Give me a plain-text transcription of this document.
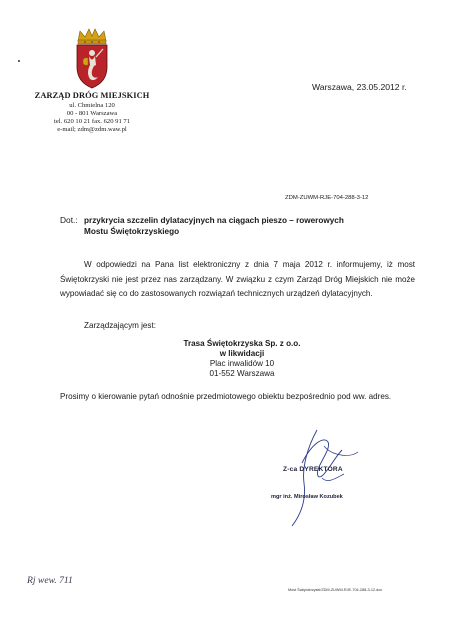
ZARZĄD DRÓG MIEJSKICH
ul. Chmielna 120
00 - 801 Warszawa
tel. 620 10 21 fax. 620 91 71
e-mail; zdm@zdm.waw.pl
Warszawa, 23.05.2012 r.
ZDM-ZUWM-RJE-704-288-3-12
Dot.: przykrycia szczelin dylatacyjnych na ciągach pieszo – rowerowych
Mostu Świętokrzyskiego
W odpowiedzi na Pana list elektroniczny z dnia 7 maja 2012 r. informujemy, iż most Świętokrzyski nie jest przez nas zarządzany. W związku z czym Zarząd Dróg Miejskich nie może wypowiadać się co do zastosowanych rozwiązań technicznych urządzeń dylatacyjnych.
Zarządzającym jest:
Trasa Świętokrzyska Sp. z o.o.
w likwidacji
Plac inwalidów 10
01-552 Warszawa
Prosimy o kierowanie pytań odnośnie przedmiotowego obiektu bezpośrednio pod ww. adres.
Z-ca DYREKTORA
mgr inż. Mirosław Kozubek
Rj wew. 711
Most Świętokrzyski/ZDM-ZUWM-RJE-704-288-3-12.doc
